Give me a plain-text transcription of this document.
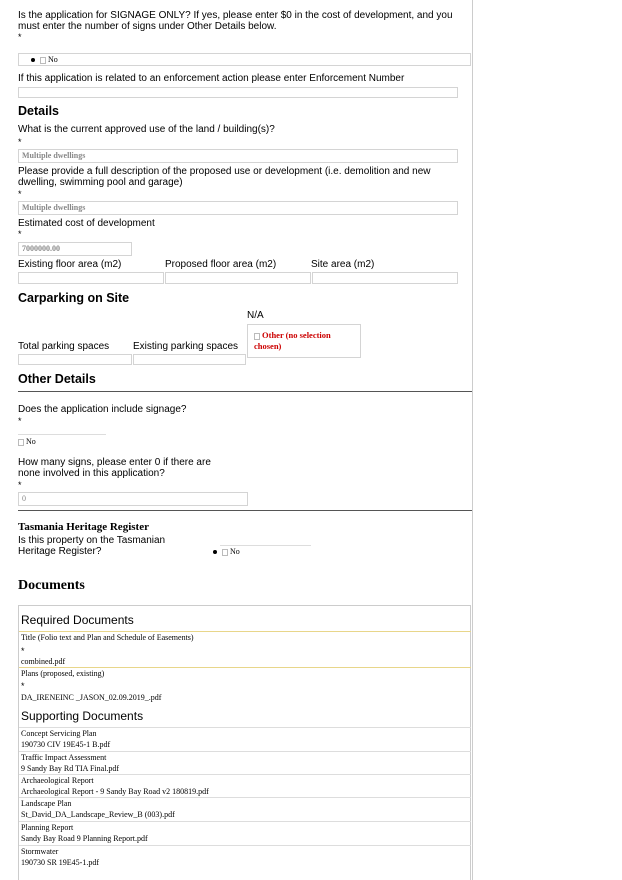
Is the application for SIGNAGE ONLY? If yes, please enter $0 in the cost of development, and you must enter the number of signs under Other Details below.
*
No
If this application is related to an enforcement action please enter Enforcement Number
Details
What is the current approved use of the land / building(s)?
*
Multiple dwellings
Please provide a full description of the proposed use or development (i.e. demolition and new dwelling, swimming pool and garage)
*
Multiple dwellings
Estimated cost of development
*
7000000.00
Existing floor area (m2)	Proposed floor area (m2)	Site area (m2)
Carparking on Site
N/A
Other (no selection chosen)
Total parking spaces Existing parking spaces
Other Details
Does the application include signage?
*
No
How many signs, please enter 0 if there are none involved in this application?
*
0
Tasmania Heritage Register
Is this property on the Tasmanian Heritage Register?	No
Documents
Required Documents
Title (Folio text and Plan and Schedule of Easements)
*
combined.pdf
Plans (proposed, existing)
*
DA_IRENEINC _JASON_02.09.2019_.pdf
Supporting Documents
Concept Servicing Plan
190730 CIV 19E45-1 B.pdf
Traffic Impact Assessment
9 Sandy Bay Rd TIA Final.pdf
Archaeological Report
Archaeological Report - 9 Sandy Bay Road v2 180819.pdf
Landscape Plan
St_David_DA_Landscape_Review_B (003).pdf
Planning Report
Sandy Bay Road 9 Planning Report.pdf
Stormwater
190730 SR 19E45-1.pdf
